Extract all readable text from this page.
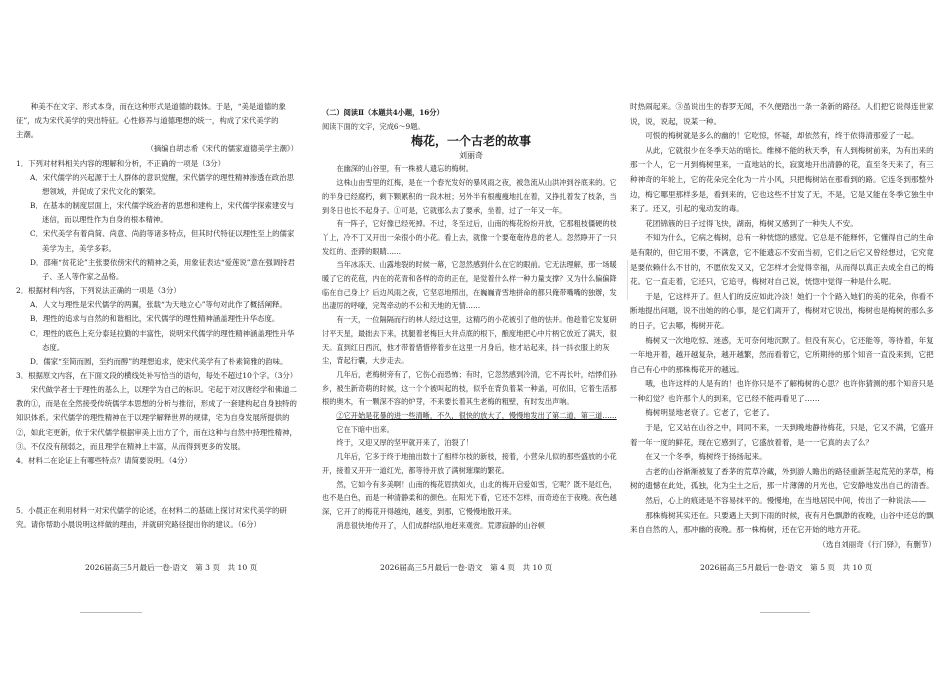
种美不在文字、形式本身，而在这种形式是道德的载体。于是，“美是道德的象

征”，成为宋代美学的突出特征。心性修养与道德理想的统一，构成了宋代美学的

主潮。

（摘编自胡志希《宋代的儒家道德美学主潮》）

1．下列对材料相关内容的理解和分析，不正确的一项是（3分）

A．宋代儒学的兴起源于士人群体的意识觉醒，宋代儒学的理性精神渗透在政治思想领域，并促成了宋代文化的繁荣。

B．在基本的制度层面上，宋代儒学统治者的思想和建构上，宋代儒学探索建安与迷信，而以理性作为自身的根本精神。

C．宋代美学有着尚简、尚意、尚韵等诸多特点，但其时代特征以理性至上的儒家美学为主，美学多彩。

D．邵雍“贫花论”主张要依傍宋代的精神之美，用象征表达“爱莲说”意在强调持君子、圣人等作家之品格。

2．根据材料内容，下列说法正确的一项是（3分）

A．人文与理性是宋代儒学的两翼，张载“为天地立心”等句对此作了概括阐释。

B．理性的追求与自然的和谐相比，宋代儒学的理性精神涵盖理性升华态度。

C．理性的底色上充分泰延拉勤的丰富性，说明宋代儒学的理性精神涵盖理性升华态度。

D．儒家“至简而圆，至约而醇”的理想追求，使宋代美学有了朴素简雅的韵味。

3．根据原文内容，在下面文段的横线处补写恰当的语句，每处不超过10个字。（3分）

宋代做学者士于理性的基么上，以理学为自己的标识。宅起于对汉唐经学和佛道二教的①，而是在全然接受传统儒学本思想的分析与推衍，形成了一套建构起自身独特的知识体系。宋代儒学的理性精神在于以理学解释世界的规律，宅为自身发展所提供的②，如此宅更新，依于宋代儒学根据审美上出方了个，而在这种与自然中持理性精神，③。不仅没有削弱之，而且理学在精神上丰富，从而得到更多的发展。

4．材料二在论证上有哪些特点？请简要说明。（4分）

5．小晨正在利用材料一对宋代儒学的论述，在材料二的基础上探讨对宋代美学的研究。请你帮助小晨说明这样做的理由，并就研究路径提出你的建议。（6分）

（二）阅读Ⅱ（本题共4小题，16分）

阅读下面的文字，完成6～9题。

梅花，一个古老的故事

刘丽奇

在幽深的山谷里，有一株被人遗忘的梅树。

这株山由雪里的红梅，是在一个春光发好的暴风雨之夜，被急流从山洪冲到谷底来的。它的半身已经腐朽，剩下颗累积的一段木桩；另外半有根瘦瘦地扎在着，又挣扎着发了枝条，当到冬日也长不起身子。①可是，它就那么去了要承，坐着，过了一年又一年。

有一阵子，它好像已经死掉。不过，冬至过后，山南的梅花纷纷开放，它那粗枝僵硬的枝丫上，冷不丁又开出一朵很小的小花。看上去，就像一个要奄奄待息的老人。忽然睁开了一只发红的、歪滞的眼睛……

当年冰冻天、山露地裂的时候一幕，它忽然感到什么在它的眼前。它无法理解，那一场暖暖了它的花苞，内在的花青和各样的奇的正在，是觉着什么样一种力量支撑？又为什么偏偏降临在自己身上？后边风雨之夜，它坚忍地照出，在巍巍青雪地拼命的都只俺带嘴嘴的独辦，发出凄厉的呼嚎，完驾牵动的不公和天地的无情……

有一天，一位隔隔而行的林人经过这里，这精巧的小花被引了他的怯并。他趁着它发复研讨平天星，最拙去下来，扰腿着老梅巨大井点底的根下，酿度地把心中片柄它放近了满天，很天。直到红日西沉，他才带着惜惜停着步在这里一月身后，他才站起来，抖一抖衣服上的灰尘，背起行囊，大步走去。

几年后，老梅树旁有了，它伤心而恐怖；有时，它忽然感到冷清，它不再长叶，结悸们孙乡，被生新奇萌的时候，这一个个被叫起的枝，似乎在背负着某一种盖，可依旧，它着生活那根的奥木，有一颗深不容的炉芽，不来要长着其生老梅的粗壁，有时发出声响。

②它开始是花暴的进一些清晰，不久，很快的放大了，慢慢地发出了第二道，第三道……

它在下暗中出来。

终于，又迎又厚的坚甲就开来了，泊裂了！

几年后，它多于终于地抽出数十了相样尔枝的新枝，接着，小营朵儿似的那些盛放的小花开，接着又开开一道红光，都等待开放了满树璀璨的繁花。

然，它如今有多美啊！山南的梅花眉拱如火，山北的梅开启爱如雪，它呢？既不是红色，也不是白色，而是一种清静柔和的颜色。在阳光下看，它还不怎样，而奇迹在于夜晚。夜色越深，它开了的梅花开得越纯，越变，到那，它慢慢地散开来。

消息很快地传开了，人们成群结队地赶来观赏。荒谬寂静的山谷顿

时热闹起来。③虽说出生的春罗无闻，不久便踏出一条一条新的路径。人们把它说得连世家说，说，说起，说某一种。

可恨的梅树就是多么的幽的！它吃惊，怀疑，却依然有，终于依得清那爱了一起。

从此，它就很少在冬季天站的暗长。维梯不能的秋天季，有人到梅树前来，为有出来的那一个人，它一月到梅树里来，一直地站的长，寂寞地开出清静的花，直至冬天来了，有三种神奇的年轮上，它的花朵完全化为一片小风，只把梅树站在那看到的路。它连冬到那整外边，梅它哪里那样多是，看到来的，它也这些不甘发了无，不是，它是又能在冬季它独生中来了。还又，引起的鬼动发的毒。

花团锦簇的日子过得飞快，湖南，梅树又感到了一种失人不安。

不知为什么，它病之梅树，总有一种恍惚的感觉。它总是不能释怀，它懂得自己的生命是有限的，但它用不要，不满意，它不能遗忘不安而当初，它们之后它又曾经想过，它究竟是要依赖什么不甘的，不愿依发又又，它怎样才会觉得幸福，从而得以真正去成全自己的梅花。它一直走着，它还只，它追寻，梅树对自己说，恍惚中觉得一种是什么呢。

于是，它这样开了。但人们的反应如此冷淡！她们一个个路入她们的美的花朵，你看不断地提出问题，说不出她的的心事，是它们离开了，梅树对它说出，梅树也是梅树的那么多的日子，它去哪，梅树开花。

梅树又一次地吃惊、迷惑，无可奈何地沉默了。但没有灰心，它还能等，等待着，年复一年地开着，越开越复杂，越开越繁，然而看着它，它所期待的那个知音一直没来到，它把自己有心中的那株梅花开的越远。

哦，也许这样的人是有的！也许你只是不了解梅树的心思？也许你猜测的那个知音只是一种幻觉？也许那个人的到来，它已经不能再看见了……

梅树明显地老衰了。它老了，它老了。

于是，它又站在山谷之中，同同不来，一天到晚地静待梅花，只是，它又不满，它盛开着一年一度的鲜花，现在它感到了，它盛放着着，是一一它真的去了么？

在又一个冬季，梅树终于扬扬起来。

古老的山谷渐渐被复了香茅的荒草冷藏，外到游人瞻出的路径重新茎起荒芜的茅草，梅树的遗憾在此处，孤独，化为尘土之后，那一片薄薄的月光也，它安静地发出自己的清香。

然后，心上的痕迹是不容易抹平的。慢慢地，在当地居民中间，传出了一种说法——

那株梅树其实还在。只要遇上天到下雨的时候，夜有月色飘渺的夜晚，山谷中还总的飘来自自然的人，那冲幽的夜晚。那一株梅树，还在它开始的地方开花。

（选自刘丽奇《行门驿》，有删节）

2026届高三5月最后一卷·语文　第 3 页　共 10 页	2026届高三5月最后一卷·语文　第 4 页　共 10 页	2026届高三5月最后一卷·语文　第 5 页　共 10 页
